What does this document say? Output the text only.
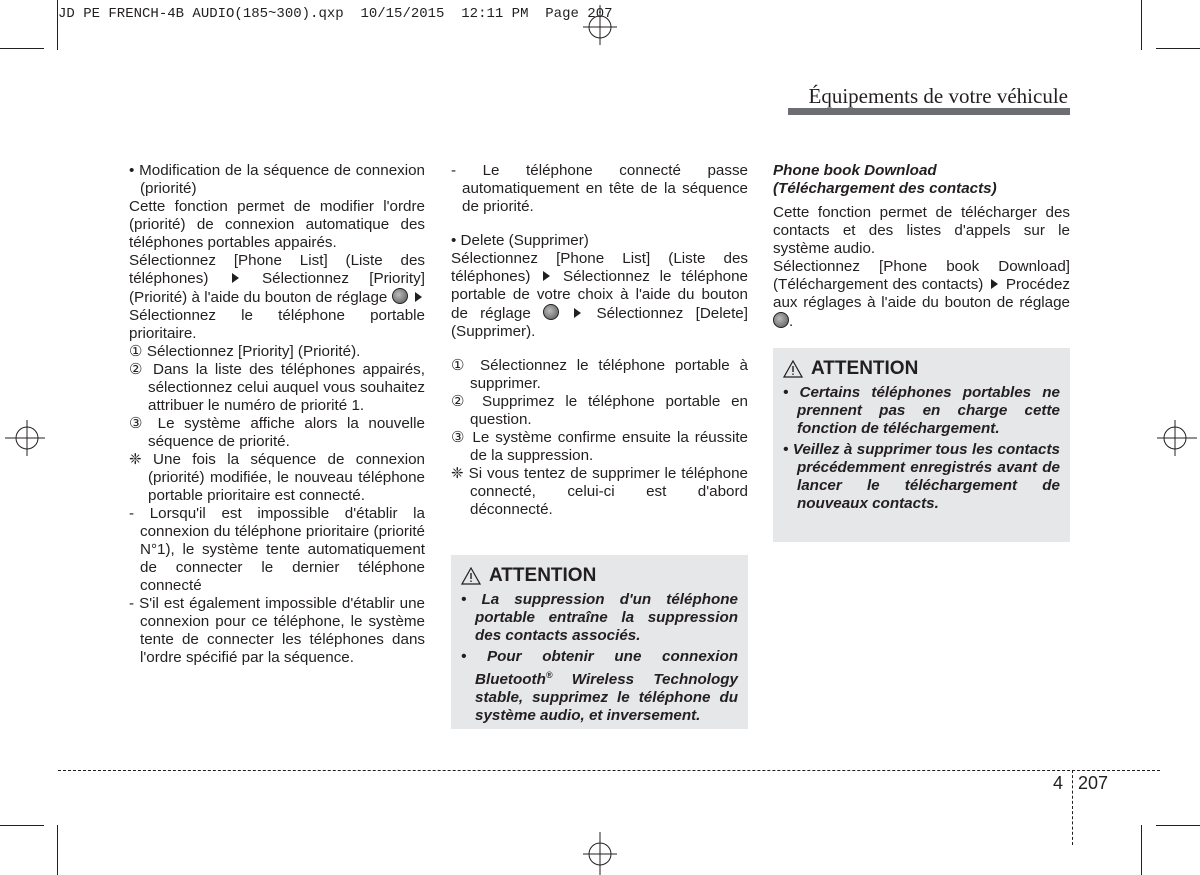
JD PE FRENCH-4B AUDIO(185~300).qxp  10/15/2015  12:11 PM  Page 207
Équipements de votre véhicule

• Modification de la séquence de connexion (priorité)

Cette fonction permet de modifier l'ordre (priorité) de connexion automatique des téléphones portables appairés.

Sélectionnez [Phone List] (Liste des téléphones)	Sélectionnez [Priority] (Priorité) à l'aide du bouton de réglage   Sélectionnez le téléphone portable prioritaire.

① Sélectionnez [Priority] (Priorité).

② Dans la liste des téléphones appairés, sélectionnez celui auquel vous souhaitez attribuer le numéro de priorité 1.

③ Le système affiche alors la nouvelle séquence de priorité.

❈ Une fois la séquence de connexion (priorité) modifiée, le nouveau téléphone portable prioritaire est connecté.

- Lorsqu'il est impossible d'établir la connexion du téléphone prioritaire (priorité N°1), le système tente automatiquement de connecter le dernier téléphone connecté

- S'il est également impossible d'établir une connexion pour ce téléphone, le système tente de connecter les téléphones dans l'ordre spécifié par la séquence.

- Le téléphone connecté passe automatiquement en tête de la séquence de priorité.

• Delete (Supprimer)

Sélectionnez [Phone List] (Liste des téléphones) Sélectionnez le téléphone portable de votre choix à l'aide du bouton de réglage	Sélectionnez [Delete] (Supprimer).

① Sélectionnez le téléphone portable à supprimer.

② Supprimez le téléphone portable en question.

③ Le système confirme ensuite la réussite de la suppression.

❈ Si vous tentez de supprimer le téléphone connecté, celui-ci est d'abord déconnecté.

ATTENTION
• La suppression d'un téléphone portable entraîne la suppression des contacts associés.
• Pour obtenir une connexion Bluetooth® Wireless Technology stable, supprimez le téléphone du système audio, et inversement.

Phone book Download

(Téléchargement des contacts)

Cette fonction permet de télécharger des contacts et des listes d'appels sur le système audio.

Sélectionnez [Phone book Download] (Téléchargement des contacts) Procédez aux réglages à l'aide du bouton de réglage .

ATTENTION
• Certains téléphones portables ne prennent pas en charge cette fonction de téléchargement.
• Veillez à supprimer tous les contacts précédemment enregistrés avant de lancer le téléchargement de nouveaux contacts.
4 207
